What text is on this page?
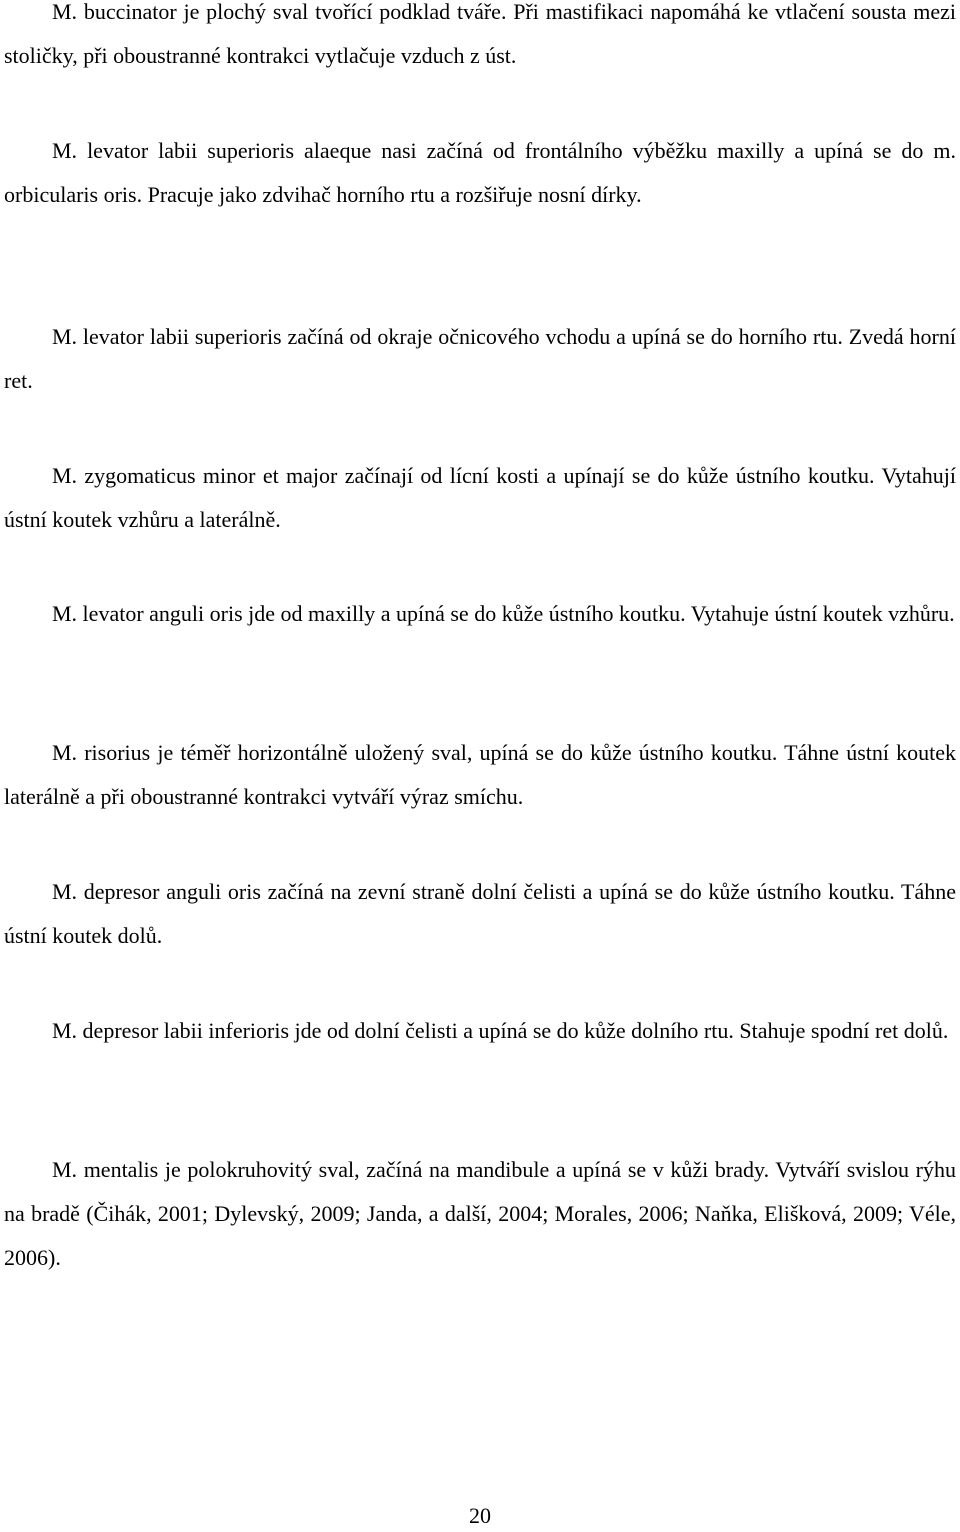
M. buccinator je plochý sval tvořící podklad tváře. Při mastifikaci napomáhá ke vtlačení sousta mezi stoličky, při oboustranné kontrakci vytlačuje vzduch z úst.

M. levator labii superioris alaeque nasi začíná od frontálního výběžku maxilly a upíná se do m. orbicularis oris. Pracuje jako zdvihač horního rtu a rozšiřuje nosní dírky.

M. levator labii superioris začíná od okraje očnicového vchodu a upíná se do horního rtu. Zvedá horní ret.

M. zygomaticus minor et major začínají od lícní kosti a upínají se do kůže ústního koutku. Vytahují ústní koutek vzhůru a laterálně.

M. levator anguli oris jde od maxilly a upíná se do kůže ústního koutku. Vytahuje ústní koutek vzhůru.

M. risorius je téměř horizontálně uložený sval, upíná se do kůže ústního koutku. Táhne ústní koutek laterálně a při oboustranné kontrakci vytváří výraz smíchu.

M. depresor anguli oris začíná na zevní straně dolní čelisti a upíná se do kůže ústního koutku. Táhne ústní koutek dolů.

M. depresor labii inferioris jde od dolní čelisti a upíná se do kůže dolního rtu. Stahuje spodní ret dolů.

M. mentalis je polokruhovitý sval, začíná na mandibule a upíná se v kůži brady. Vytváří svislou rýhu na bradě (Čihák, 2001; Dylevský, 2009; Janda, a další, 2004; Morales, 2006; Naňka, Elišková, 2009; Véle, 2006).

20
